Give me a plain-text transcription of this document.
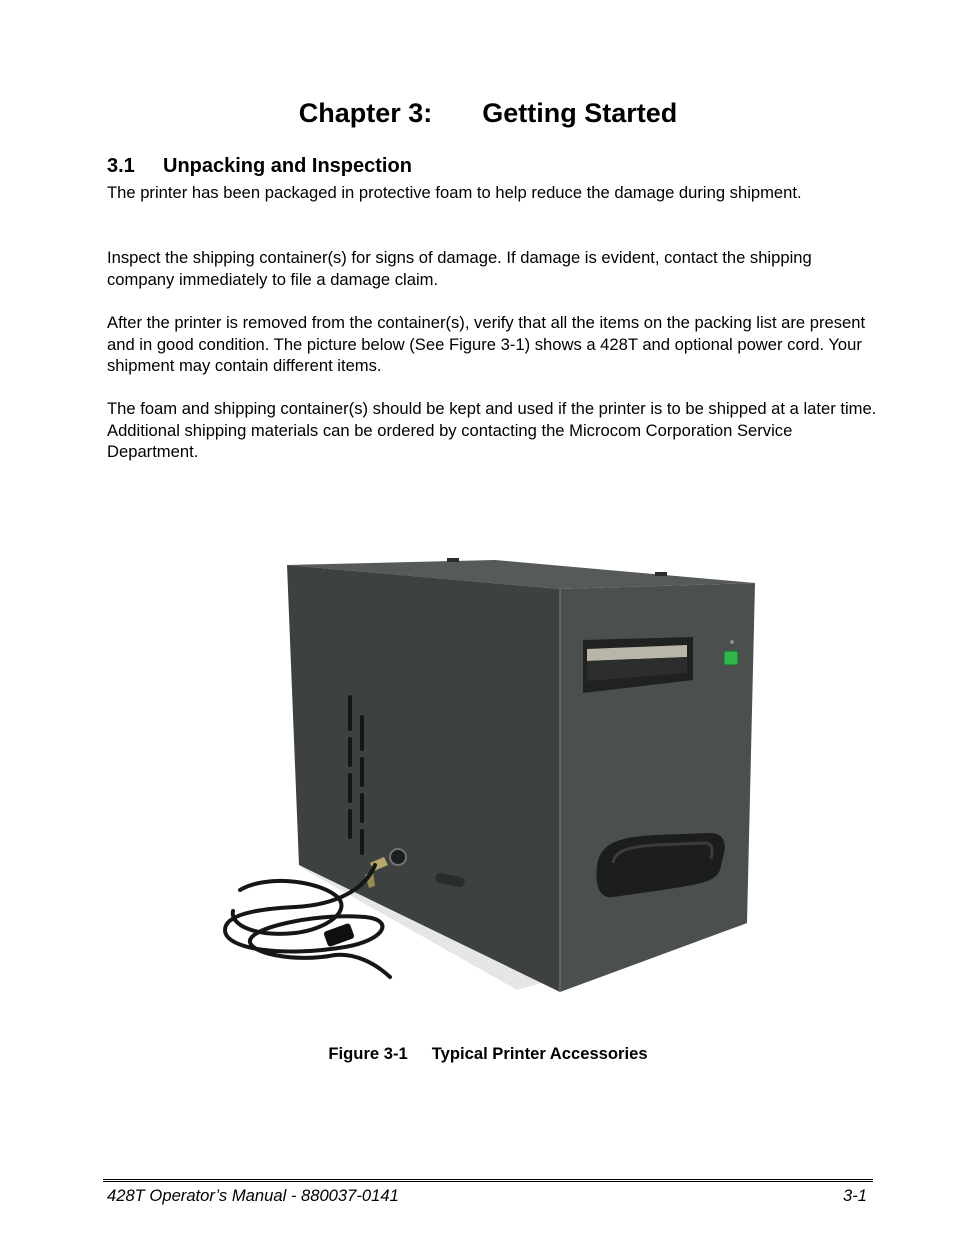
Chapter 3: Getting Started
3.1 Unpacking and Inspection

The printer has been packaged in protective foam to help reduce the damage during shipment.

Inspect the shipping container(s) for signs of damage. If damage is evident, contact the shipping company immediately to file a damage claim.

After the printer is removed from the container(s), verify that all the items on the packing list are present and in good condition. The picture below (See Figure 3-1) shows a 428T and optional power cord. Your shipment may contain different items.

The foam and shipping container(s) should be kept and used if the printer is to be shipped at a later time. Additional shipping materials can be ordered by contacting the Microcom Corporation Service Department.

Figure 3-1 Typical Printer Accessories
428T Operator’s Manual - 880037-0141	3-1
